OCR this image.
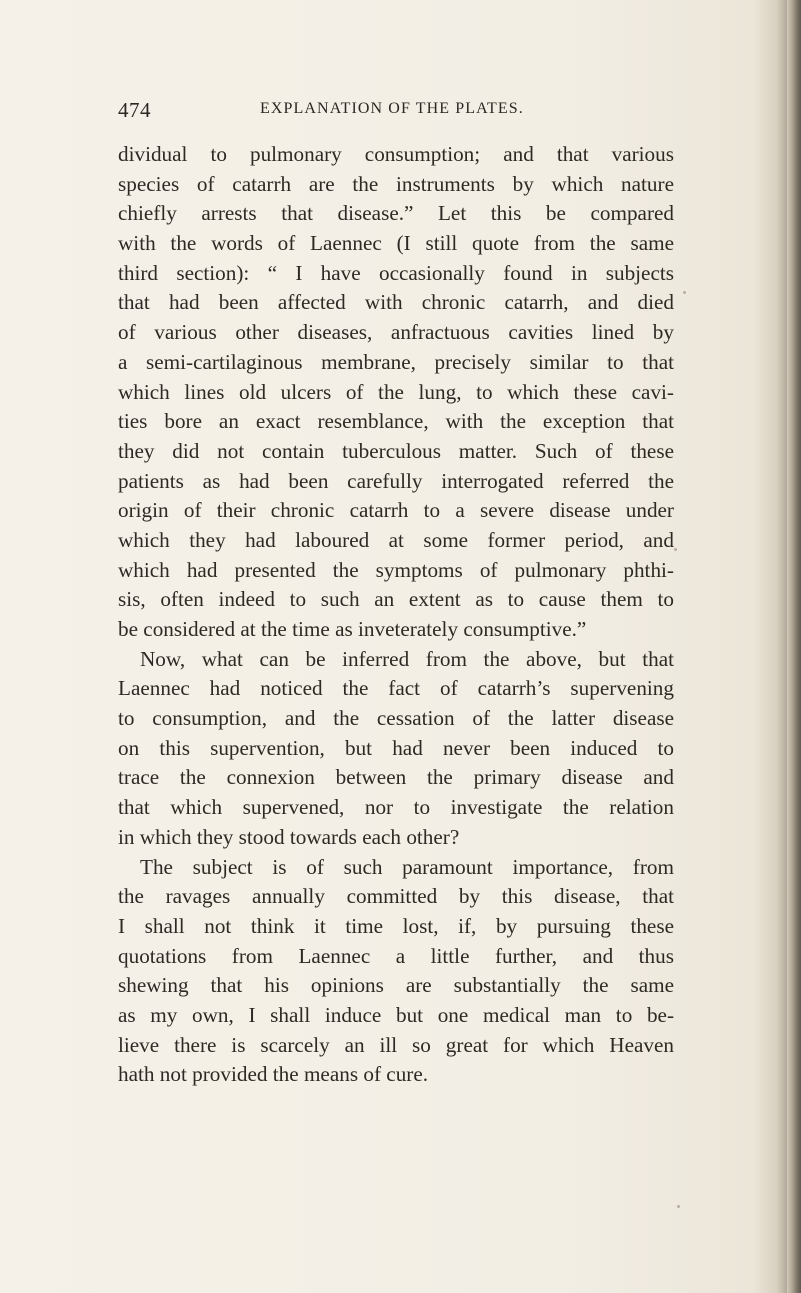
474	EXPLANATION OF THE PLATES.
dividual to pulmonary consumption; and that various
species of catarrh are the instruments by which nature
chiefly arrests that disease.” Let this be compared
with the words of Laennec (I still quote from the same
third section): “ I have occasionally found in subjects
that had been affected with chronic catarrh, and died
of various other diseases, anfractuous cavities lined by
a semi-cartilaginous membrane, precisely similar to that
which lines old ulcers of the lung, to which these cavi-
ties bore an exact resemblance, with the exception that
they did not contain tuberculous matter. Such of these
patients as had been carefully interrogated referred the
origin of their chronic catarrh to a severe disease under
which they had laboured at some former period, and
which had presented the symptoms of pulmonary phthi-
sis, often indeed to such an extent as to cause them to
be considered at the time as inveterately consumptive.”
Now, what can be inferred from the above, but that
Laennec had noticed the fact of catarrh’s supervening
to consumption, and the cessation of the latter disease
on this supervention, but had never been induced to
trace the connexion between the primary disease and
that which supervened, nor to investigate the relation
in which they stood towards each other?
The subject is of such paramount importance, from
the ravages annually committed by this disease, that
I shall not think it time lost, if, by pursuing these
quotations from Laennec a little further, and thus
shewing that his opinions are substantially the same
as my own, I shall induce but one medical man to be-
lieve there is scarcely an ill so great for which Heaven
hath not provided the means of cure.
